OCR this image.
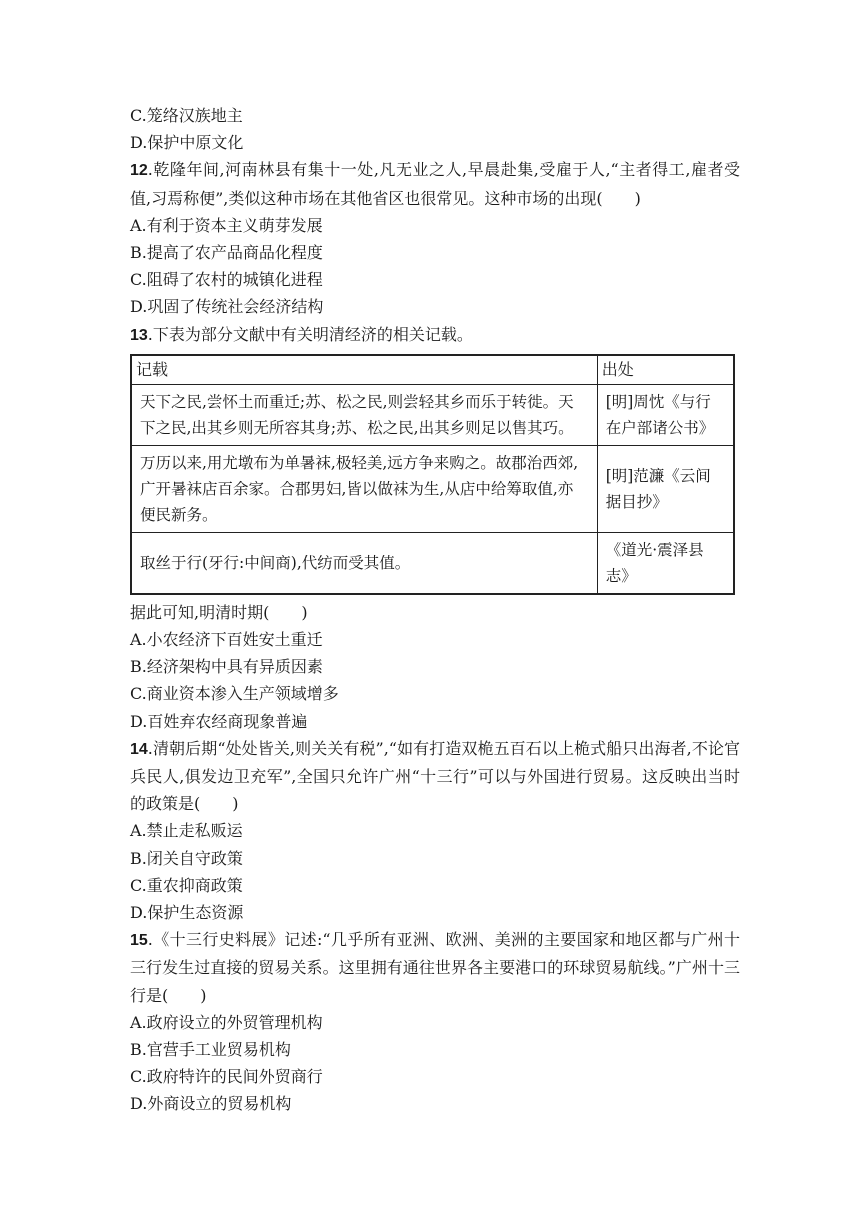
C.笼络汉族地主
D.保护中原文化
12.乾隆年间,河南林县有集十一处,凡无业之人,早晨赴集,受雇于人,“主者得工,雇者受值,习焉称便”,类似这种市场在其他省区也很常见。这种市场的出现(　　)
A.有利于资本主义萌芽发展
B.提高了农产品商品化程度
C.阻碍了农村的城镇化进程
D.巩固了传统社会经济结构
13.下表为部分文献中有关明清经济的相关记载。
记载	出处
天下之民,尝怀土而重迁;苏、松之民,则尝轻其乡而乐于转徙。天下之民,出其乡则无所容其身;苏、松之民,出其乡则足以售其巧。	[明]周忱《与行在户部诸公书》
万历以来,用尤墩布为单暑袜,极轻美,远方争来购之。故郡治西郊,广开暑袜店百余家。合郡男妇,皆以做袜为生,从店中给筹取值,亦便民新务。	[明]范濂《云间据目抄》
取丝于行(牙行:中间商),代纺而受其值。	《道光·震泽县志》
据此可知,明清时期(　　)
A.小农经济下百姓安土重迁
B.经济架构中具有异质因素
C.商业资本渗入生产领域增多
D.百姓弃农经商现象普遍
14.清朝后期“处处皆关,则关关有税”,“如有打造双桅五百石以上桅式船只出海者,不论官兵民人,俱发边卫充军”,全国只允许广州“十三行”可以与外国进行贸易。这反映出当时的政策是(　　)
A.禁止走私贩运
B.闭关自守政策
C.重农抑商政策
D.保护生态资源
15.《十三行史料展》记述:“几乎所有亚洲、欧洲、美洲的主要国家和地区都与广州十三行发生过直接的贸易关系。这里拥有通往世界各主要港口的环球贸易航线。”广州十三行是(　　)
A.政府设立的外贸管理机构
B.官营手工业贸易机构
C.政府特许的民间外贸商行
D.外商设立的贸易机构
